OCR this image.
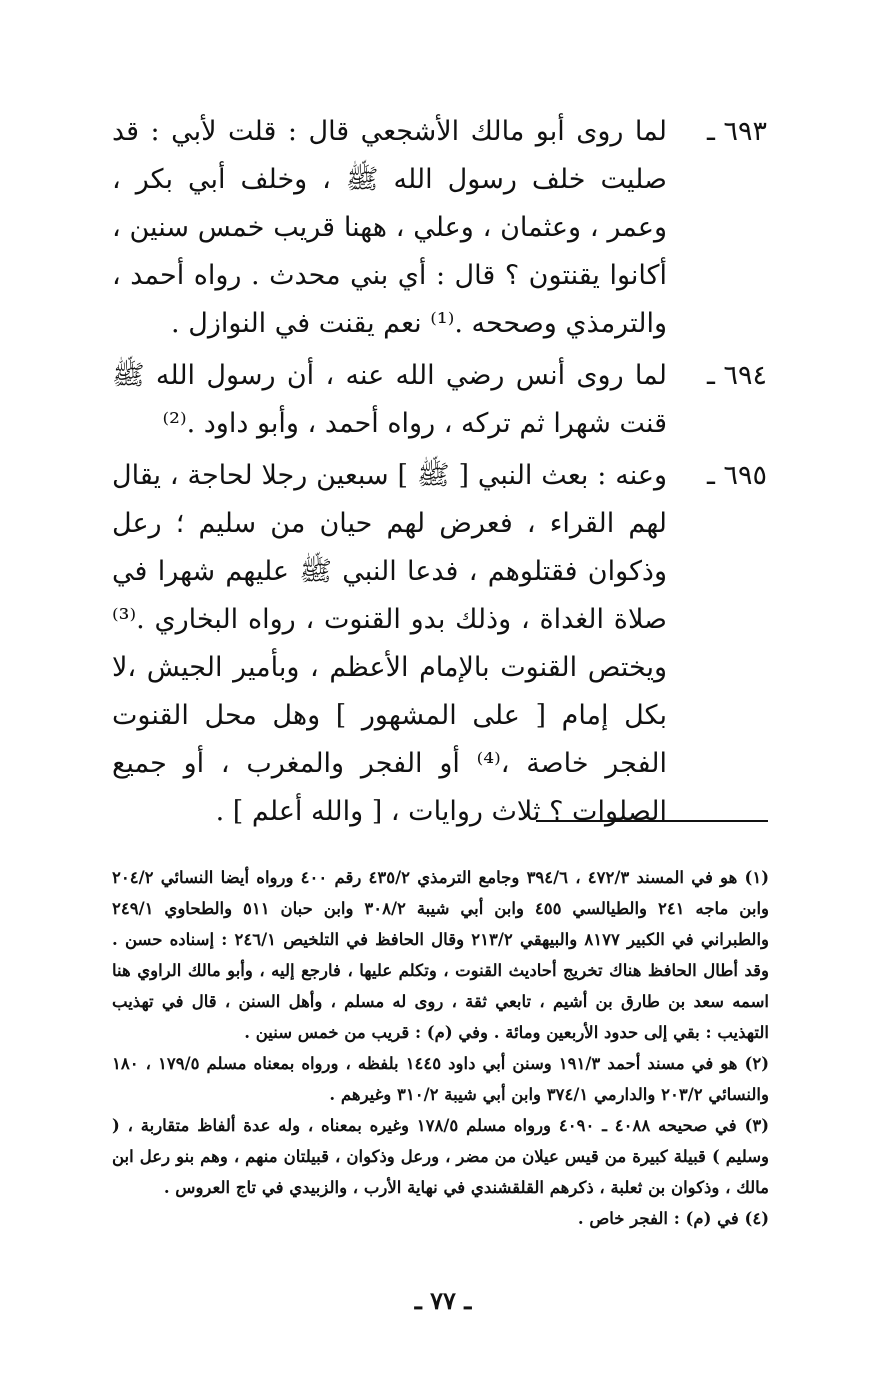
٦٩٣ ـ
لما روى أبو مالك الأشجعي قال : قلت لأبي : قد صليت خلف رسول الله ﷺ ، وخلف أبي بكر ، وعمر ، وعثمان ، وعلي ، ههنا قريب خمس سنين ، أكانوا يقنتون ؟ قال : أي بني محدث . رواه أحمد ، والترمذي وصححه .⁽¹⁾ نعم يقنت في النوازل .
٦٩٤ ـ
لما روى أنس رضي الله عنه ، أن رسول الله ﷺ قنت شهرا ثم تركه ، رواه أحمد ، وأبو داود .⁽²⁾
٦٩٥ ـ
وعنه : بعث النبي [ ﷺ ] سبعين رجلا لحاجة ، يقال لهم القراء ، فعرض لهم حيان من سليم ؛ رعل وذكوان فقتلوهم ، فدعا النبي ﷺ عليهم شهرا في صلاة الغداة ، وذلك بدو القنوت ، رواه البخاري .⁽³⁾ ويختص القنوت بالإمام الأعظم ، وبأمير الجيش ،لا بكل إمام [ على المشهور ] وهل محل القنوت الفجر خاصة ،⁽⁴⁾ أو الفجر والمغرب ، أو جميع الصلوات ؟ ثلاث روايات ، [ والله أعلم ] .

(١) هو في المسند ٤٧٢/٣ ، ٣٩٤/٦ وجامع الترمذي ٤٣٥/٢ رقم ٤٠٠ ورواه أيضا النسائي ٢٠٤/٢ وابن ماجه ٢٤١ والطيالسي ٤٥٥ وابن أبي شيبة ٣٠٨/٢ وابن حبان ٥١١ والطحاوي ٢٤٩/١ والطبراني في الكبير ٨١٧٧ والبيهقي ٢١٣/٢ وقال الحافظ في التلخيص ٢٤٦/١ : إسناده حسن . وقد أطال الحافظ هناك تخريج أحاديث القنوت ، وتكلم عليها ، فارجع إليه ، وأبو مالك الراوي هنا اسمه سعد بن طارق بن أشيم ، تابعي ثقة ، روى له مسلم ، وأهل السنن ، قال في تهذيب التهذيب : بقي إلى حدود الأربعين ومائة . وفي (م) : قريب من خمس سنين .

(٢) هو في مسند أحمد ١٩١/٣ وسنن أبي داود ١٤٤٥ بلفظه ، ورواه بمعناه مسلم ١٧٩/٥ ، ١٨٠ والنسائي ٢٠٣/٢ والدارمي ٣٧٤/١ وابن أبي شيبة ٣١٠/٢ وغيرهم .

(٣) في صحيحه ٤٠٨٨ ـ ٤٠٩٠ ورواه مسلم ١٧٨/٥ وغيره بمعناه ، وله عدة ألفاظ متقاربة ، ( وسليم ) قبيلة كبيرة من قيس عيلان من مضر ، ورعل وذكوان ، قبيلتان منهم ، وهم بنو رعل ابن مالك ، وذكوان بن ثعلبة ، ذكرهم القلقشندي في نهاية الأرب ، والزبيدي في تاج العروس .

(٤) في (م) : الفجر خاص .

ـ ٧٧ ـ
